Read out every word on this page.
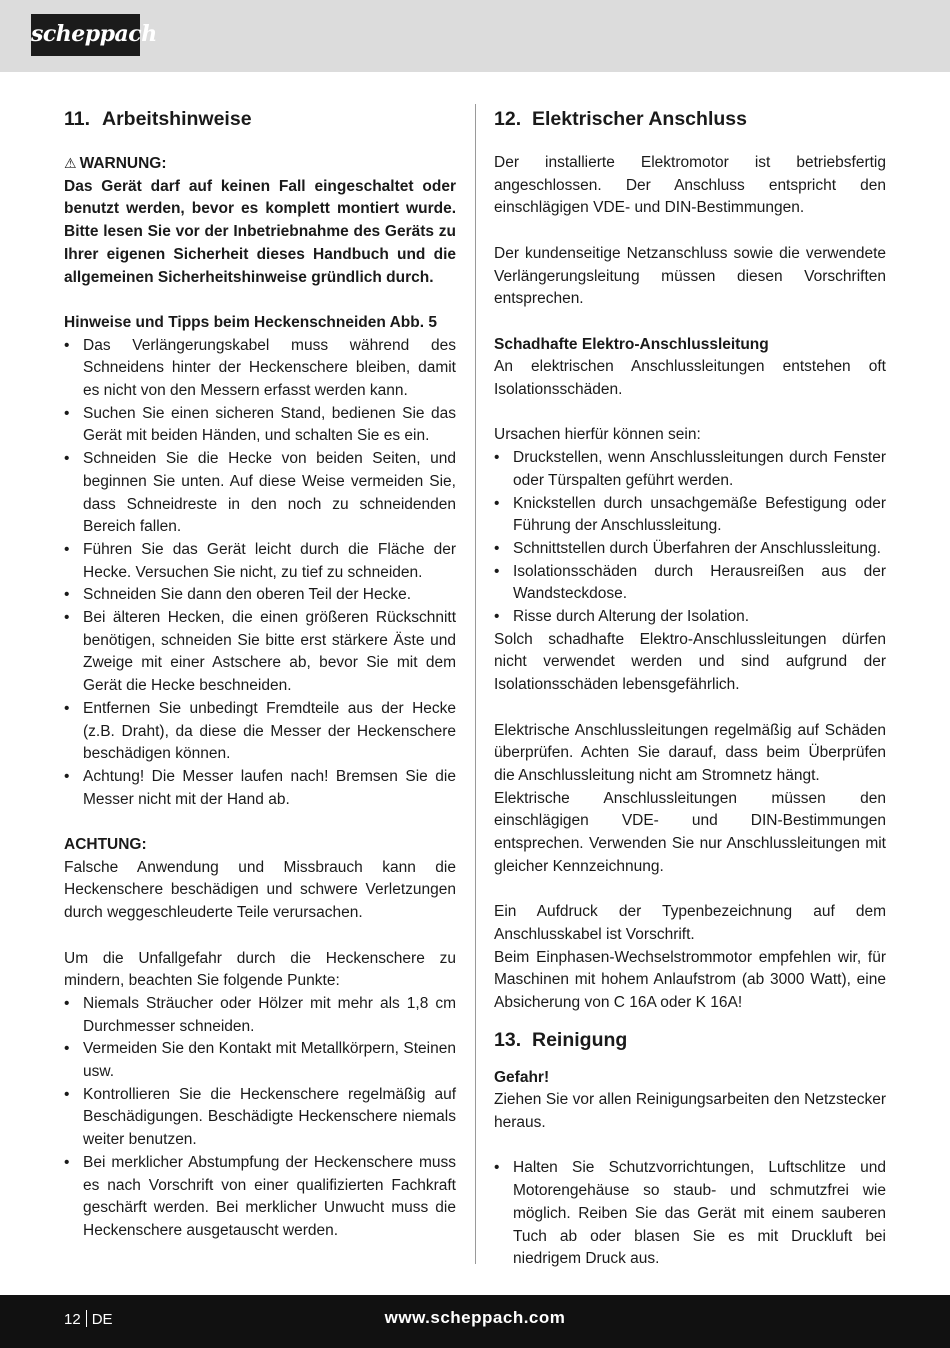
scheppach
11. Arbeitshinweise

⚠ WARNUNG:

Das Gerät darf auf keinen Fall eingeschaltet oder benutzt werden, bevor es komplett montiert wurde. Bitte lesen Sie vor der Inbetriebnahme des Geräts zu Ihrer eigenen Sicherheit dieses Handbuch und die allgemeinen Sicherheitshinweise gründlich durch.

Hinweise und Tipps beim Heckenschneiden Abb. 5

• Das Verlängerungskabel muss während des Schneidens hinter der Heckenschere bleiben, damit es nicht von den Messern erfasst werden kann.
• Suchen Sie einen sicheren Stand, bedienen Sie das Gerät mit beiden Händen, und schalten Sie es ein.
• Schneiden Sie die Hecke von beiden Seiten, und beginnen Sie unten. Auf diese Weise vermeiden Sie, dass Schneidreste in den noch zu schneidenden Bereich fallen.
• Führen Sie das Gerät leicht durch die Fläche der Hecke. Versuchen Sie nicht, zu tief zu schneiden.
• Schneiden Sie dann den oberen Teil der Hecke.
• Bei älteren Hecken, die einen größeren Rückschnitt benötigen, schneiden Sie bitte erst stärkere Äste und Zweige mit einer Astschere ab, bevor Sie mit dem Gerät die Hecke beschneiden.
• Entfernen Sie unbedingt Fremdteile aus der Hecke (z.B. Draht), da diese die Messer der Heckenschere beschädigen können.
• Achtung! Die Messer laufen nach! Bremsen Sie die Messer nicht mit der Hand ab.

ACHTUNG:

Falsche Anwendung und Missbrauch kann die Heckenschere beschädigen und schwere Verletzungen durch weggeschleuderte Teile verursachen.

Um die Unfallgefahr durch die Heckenschere zu mindern, beachten Sie folgende Punkte:

• Niemals Sträucher oder Hölzer mit mehr als 1,8 cm Durchmesser schneiden.
• Vermeiden Sie den Kontakt mit Metallkörpern, Steinen usw.
• Kontrollieren Sie die Heckenschere regelmäßig auf Beschädigungen. Beschädigte Heckenschere niemals weiter benutzen.
• Bei merklicher Abstumpfung der Heckenschere muss es nach Vorschrift von einer qualifizierten Fachkraft geschärft werden. Bei merklicher Unwucht muss die Heckenschere ausgetauscht werden.
12. Elektrischer Anschluss

Der installierte Elektromotor ist betriebsfertig angeschlossen. Der Anschluss entspricht den einschlägigen VDE- und DIN-Bestimmungen.

Der kundenseitige Netzanschluss sowie die verwendete Verlängerungsleitung müssen diesen Vorschriften entsprechen.

Schadhafte Elektro-Anschlussleitung

An elektrischen Anschlussleitungen entstehen oft Isolationsschäden.

Ursachen hierfür können sein:

• Druckstellen, wenn Anschlussleitungen durch Fenster oder Türspalten geführt werden.
• Knickstellen durch unsachgemäße Befestigung oder Führung der Anschlussleitung.
• Schnittstellen durch Überfahren der Anschlussleitung.
• Isolationsschäden durch Herausreißen aus der Wandsteckdose.
• Risse durch Alterung der Isolation.

Solch schadhafte Elektro-Anschlussleitungen dürfen nicht verwendet werden und sind aufgrund der Isolationsschäden lebensgefährlich.

Elektrische Anschlussleitungen regelmäßig auf Schäden überprüfen. Achten Sie darauf, dass beim Überprüfen die Anschlussleitung nicht am Stromnetz hängt.

Elektrische Anschlussleitungen müssen den einschlägigen VDE- und DIN-Bestimmungen entsprechen. Verwenden Sie nur Anschlussleitungen mit gleicher Kennzeichnung.

Ein Aufdruck der Typenbezeichnung auf dem Anschlusskabel ist Vorschrift.

Beim Einphasen-Wechselstrommotor empfehlen wir, für Maschinen mit hohem Anlaufstrom (ab 3000 Watt), eine Absicherung von C 16A oder K 16A!

13. Reinigung

Gefahr!

Ziehen Sie vor allen Reinigungsarbeiten den Netzstecker heraus.

• Halten Sie Schutzvorrichtungen, Luftschlitze und Motorengehäuse so staub- und schmutzfrei wie möglich. Reiben Sie das Gerät mit einem sauberen Tuch ab oder blasen Sie es mit Druckluft bei niedrigem Druck aus.
12 DE	www.scheppach.com
